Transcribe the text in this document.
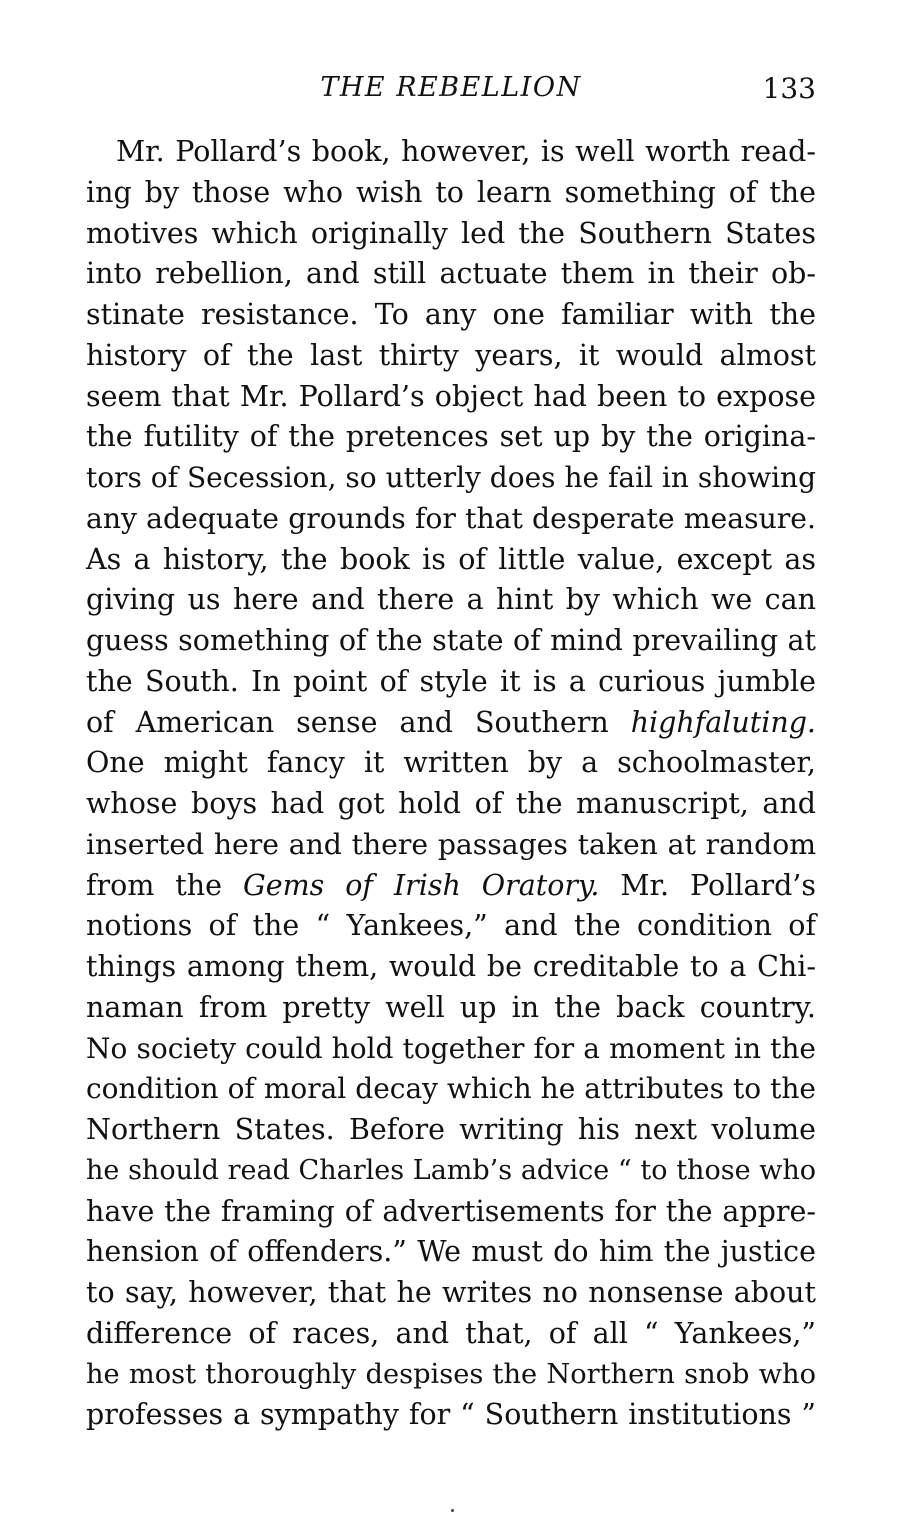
THE REBELLION	133
Mr. Pollard’s book, however, is well worth read-
ing by those who wish to learn something of the
motives which originally led the Southern States
into rebellion, and still actuate them in their ob-
stinate resistance. To any one familiar with the
history of the last thirty years, it would almost
seem that Mr. Pollard’s object had been to expose
the futility of the pretences set up by the origina-
tors of Secession, so utterly does he fail in showing
any adequate grounds for that desperate measure.
As a history, the book is of little value, except as
giving us here and there a hint by which we can
guess something of the state of mind prevailing at
the South. In point of style it is a curious jumble
of American sense and Southern highfaluting.
One might fancy it written by a schoolmaster,
whose boys had got hold of the manuscript, and
inserted here and there passages taken at random
from the Gems of Irish Oratory. Mr. Pollard’s
notions of the “ Yankees,” and the condition of
things among them, would be creditable to a Chi-
naman from pretty well up in the back country.
No society could hold together for a moment in the
condition of moral decay which he attributes to the
Northern States. Before writing his next volume
he should read Charles Lamb’s advice “ to those who
have the framing of advertisements for the appre-
hension of offenders.” We must do him the justice
to say, however, that he writes no nonsense about
difference of races, and that, of all “ Yankees,”
he most thoroughly despises the Northern snob who
professes a sympathy for “ Southern institutions ”
